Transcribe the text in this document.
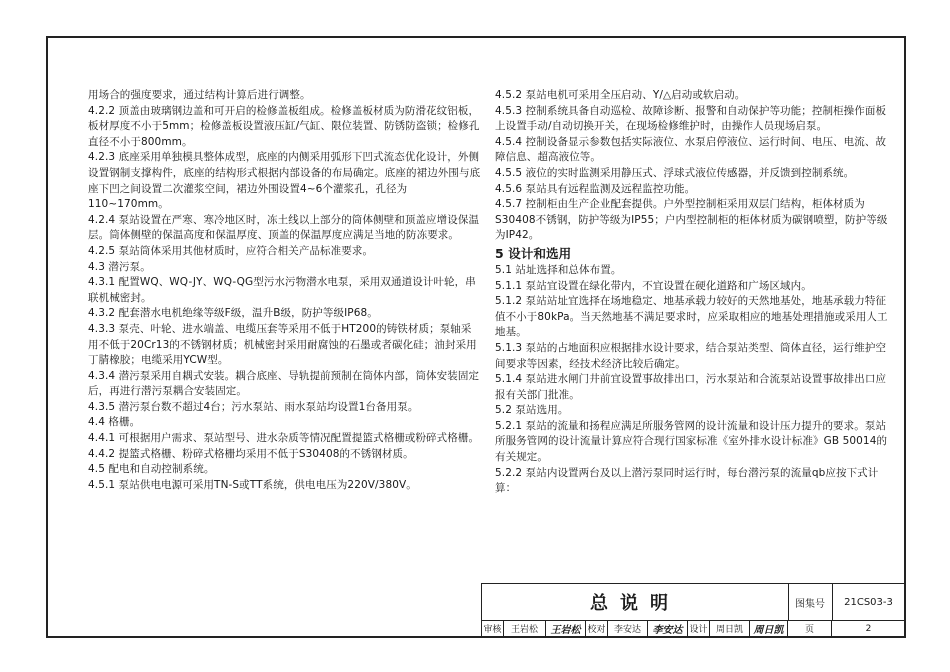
用场合的强度要求，通过结构计算后进行调整。

4.2.2 顶盖由玻璃钢边盖和可开启的检修盖板组成。检修盖板材质为防滑花纹铝板，板材厚度不小于5mm；检修盖板设置液压缸/气缸、限位装置、防锈防盗锁；检修孔直径不小于800mm。

4.2.3 底座采用单独模具整体成型，底座的内侧采用弧形下凹式流态优化设计，外侧设置钢制支撑构件，底座的结构形式根据内部设备的布局确定。底座的裙边外围与底座下凹之间设置二次灌浆空间，裙边外围设置4~6个灌浆孔，孔径为110~170mm。

4.2.4 泵站设置在严寒、寒冷地区时，冻土线以上部分的筒体侧壁和顶盖应增设保温层。筒体侧壁的保温高度和保温厚度、顶盖的保温厚度应满足当地的防冻要求。

4.2.5 泵站筒体采用其他材质时，应符合相关产品标准要求。

4.3 潜污泵。

4.3.1 配置WQ、WQ-JY、WQ-QG型污水污物潜水电泵，采用双通道设计叶轮，串联机械密封。

4.3.2 配套潜水电机绝缘等级F级，温升B级，防护等级IP68。

4.3.3 泵壳、叶轮、进水端盖、电缆压套等采用不低于HT200的铸铁材质；泵轴采用不低于20Cr13的不锈钢材质；机械密封采用耐腐蚀的石墨或者碳化硅；油封采用丁腈橡胶；电缆采用YCW型。

4.3.4 潜污泵采用自耦式安装。耦合底座、导轨提前预制在筒体内部，筒体安装固定后，再进行潜污泵耦合安装固定。

4.3.5 潜污泵台数不超过4台；污水泵站、雨水泵站均设置1台备用泵。

4.4 格栅。

4.4.1 可根据用户需求、泵站型号、进水杂质等情况配置提篮式格栅或粉碎式格栅。

4.4.2 提篮式格栅、粉碎式格栅均采用不低于S30408的不锈钢材质。

4.5 配电和自动控制系统。

4.5.1 泵站供电电源可采用TN-S或TT系统，供电电压为220V/380V。

4.5.2 泵站电机可采用全压启动、Y/△启动或软启动。

4.5.3 控制系统具备自动巡检、故障诊断、报警和自动保护等功能；控制柜操作面板上设置手动/自动切换开关，在现场检修维护时，由操作人员现场启泵。

4.5.4 控制设备显示参数包括实际液位、水泵启停液位、运行时间、电压、电流、故障信息、超高液位等。

4.5.5 液位的实时监测采用静压式、浮球式液位传感器，并反馈到控制系统。

4.5.6 泵站具有远程监测及远程监控功能。

4.5.7 控制柜由生产企业配套提供。户外型控制柜采用双层门结构，柜体材质为S30408不锈钢，防护等级为IP55；户内型控制柜的柜体材质为碳钢喷塑，防护等级为IP42。

5 设计和选用

5.1 站址选择和总体布置。

5.1.1 泵站宜设置在绿化带内，不宜设置在硬化道路和广场区域内。

5.1.2 泵站站址宜选择在场地稳定、地基承载力较好的天然地基处，地基承载力特征值不小于80kPa。当天然地基不满足要求时，应采取相应的地基处理措施或采用人工地基。

5.1.3 泵站的占地面积应根据排水设计要求，结合泵站类型、筒体直径，运行维护空间要求等因素，经技术经济比较后确定。

5.1.4 泵站进水闸门井前宜设置事故排出口，污水泵站和合流泵站设置事故排出口应报有关部门批准。

5.2 泵站选用。

5.2.1 泵站的流量和扬程应满足所服务管网的设计流量和设计压力提升的要求。泵站所服务管网的设计流量计算应符合现行国家标准《室外排水设计标准》GB 50014的有关规定。

5.2.2 泵站内设置两台及以上潜污泵同时运行时，每台潜污泵的流量qb应按下式计算：

总说明	图集号	21CS03-3
审核	王岩松	王岩松 校对 李安达	李安达 设计 周日凯	周日凯	页	2
